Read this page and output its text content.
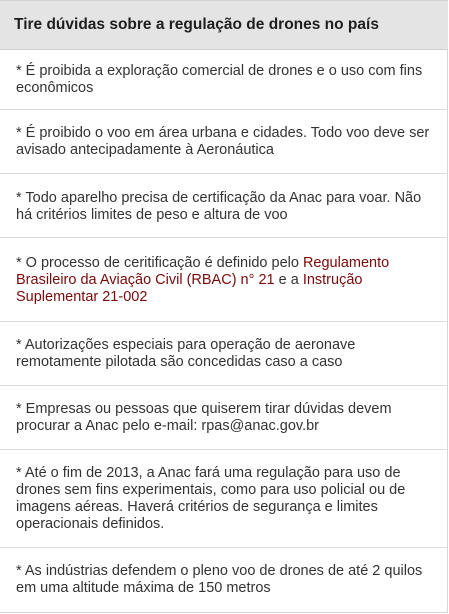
Tire dúvidas sobre a regulação de drones no país

* É proibida a exploração comercial de drones e o uso com fins econômicos

* É proibido o voo em área urbana e cidades. Todo voo deve ser avisado antecipadamente à Aeronáutica

* Todo aparelho precisa de certificação da Anac para voar. Não há critérios limites de peso e altura de voo

* O processo de ceritificação é definido pelo Regulamento Brasileiro da Aviação Civil (RBAC) n° 21 e a Instrução Suplementar 21-002

* Autorizações especiais para operação de aeronave remotamente pilotada são concedidas caso a caso

* Empresas ou pessoas que quiserem tirar dúvidas devem procurar a Anac pelo e-mail: rpas@anac.gov.br

* Até o fim de 2013, a Anac fará uma regulação para uso de drones sem fins experimentais, como para uso policial ou de imagens aéreas. Haverá critérios de segurança e limites operacionais definidos.

* As indústrias defendem o pleno voo de drones de até 2 quilos em uma altitude máxima de 150 metros
